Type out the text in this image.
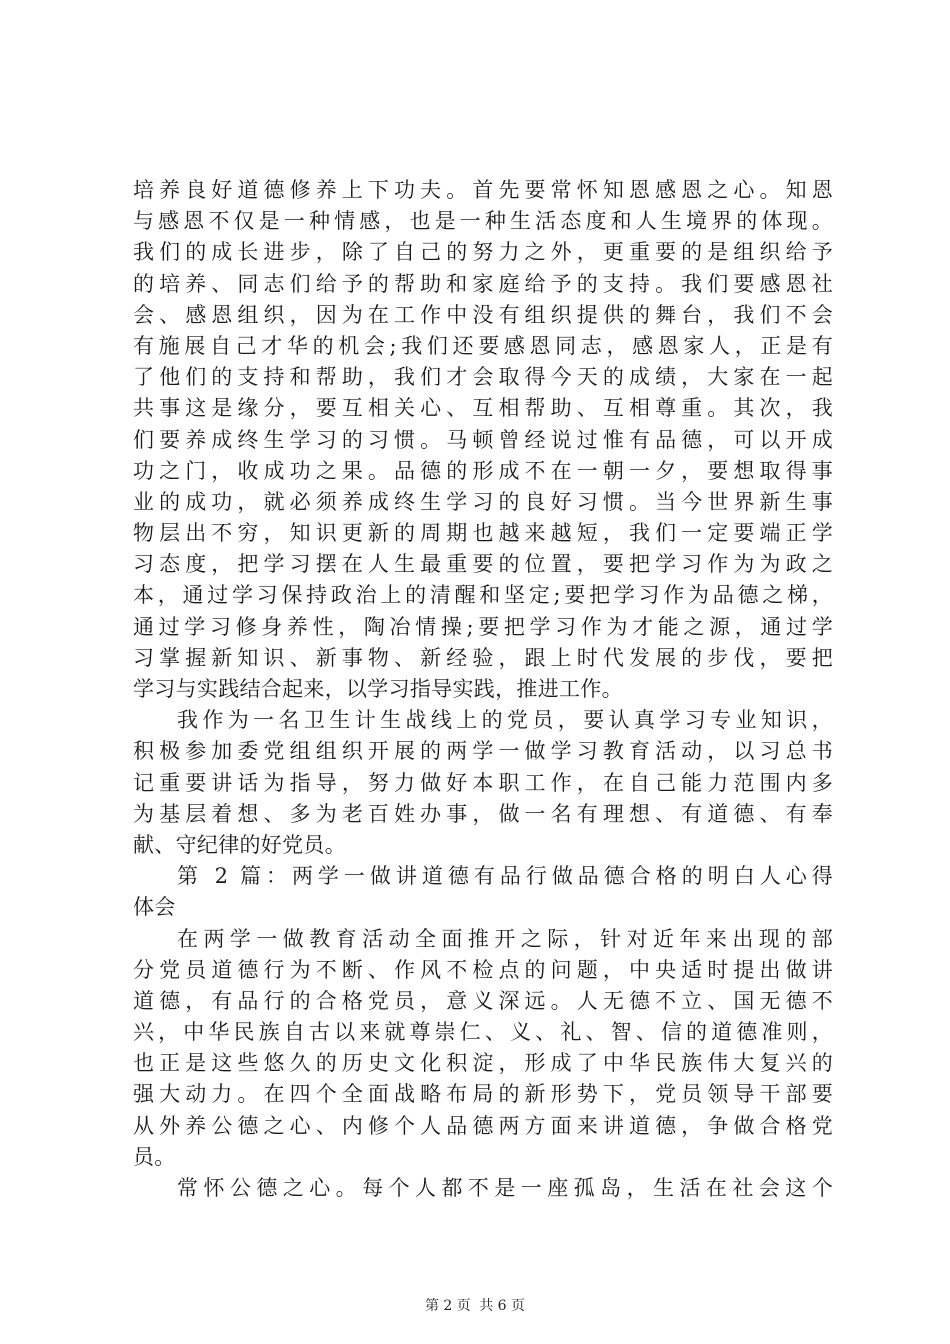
培养良好道德修养上下功夫。首先要常怀知恩感恩之心。知恩
与感恩不仅是一种情感，也是一种生活态度和人生境界的体现。
我们的成长进步，除了自己的努力之外，更重要的是组织给予
的培养、同志们给予的帮助和家庭给予的支持。我们要感恩社
会、感恩组织，因为在工作中没有组织提供的舞台，我们不会
有施展自己才华的机会;我们还要感恩同志，感恩家人，正是有
了他们的支持和帮助，我们才会取得今天的成绩，大家在一起
共事这是缘分，要互相关心、互相帮助、互相尊重。其次，我
们要养成终生学习的习惯。马顿曾经说过惟有品德，可以开成
功之门，收成功之果。品德的形成不在一朝一夕，要想取得事
业的成功，就必须养成终生学习的良好习惯。当今世界新生事
物层出不穷，知识更新的周期也越来越短，我们一定要端正学
习态度，把学习摆在人生最重要的位置，要把学习作为为政之
本，通过学习保持政治上的清醒和坚定;要把学习作为品德之梯，
通过学习修身养性，陶冶情操;要把学习作为才能之源，通过学
习掌握新知识、新事物、新经验，跟上时代发展的步伐，要把
学习与实践结合起来，以学习指导实践，推进工作。
我作为一名卫生计生战线上的党员，要认真学习专业知识，
积极参加委党组组织开展的两学一做学习教育活动，以习总书
记重要讲话为指导，努力做好本职工作，在自己能力范围内多
为基层着想、多为老百姓办事，做一名有理想、有道德、有奉
献、守纪律的好党员。
第 2 篇：两学一做讲道德有品行做品德合格的明白人心得
体会
在两学一做教育活动全面推开之际，针对近年来出现的部
分党员道德行为不断、作风不检点的问题，中央适时提出做讲
道德，有品行的合格党员，意义深远。人无德不立、国无德不
兴，中华民族自古以来就尊崇仁、义、礼、智、信的道德准则，
也正是这些悠久的历史文化积淀，形成了中华民族伟大复兴的
强大动力。在四个全面战略布局的新形势下，党员领导干部要
从外养公德之心、内修个人品德两方面来讲道德，争做合格党
员。
常怀公德之心。每个人都不是一座孤岛，生活在社会这个
第 2 页 共 6 页
